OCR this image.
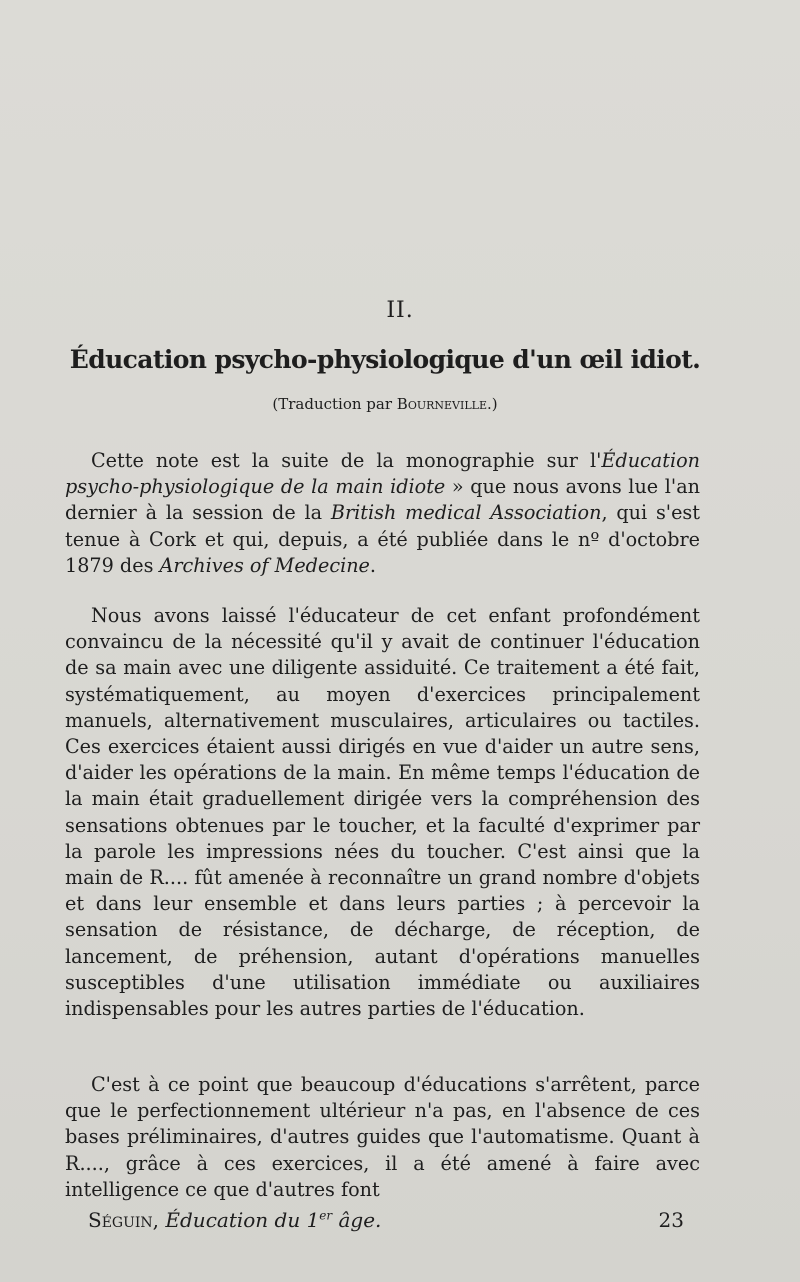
II.
Éducation psycho-physiologique d'un œil idiot.
(Traduction par Bourneville.)

Cette note est la suite de la monographie sur l'Éducation psycho-physiologique de la main idiote » que nous avons lue l'an dernier à la session de la British medical Association, qui s'est tenue à Cork et qui, depuis, a été publiée dans le nº d'octobre 1879 des Archives of Medecine.

Nous avons laissé l'éducateur de cet enfant profondément convaincu de la nécessité qu'il y avait de continuer l'éducation de sa main avec une diligente assiduité. Ce traitement a été fait, systématiquement, au moyen d'exercices principalement manuels, alternativement musculaires, articulaires ou tactiles. Ces exercices étaient aussi dirigés en vue d'aider un autre sens, d'aider les opérations de la main. En même temps l'éducation de la main était graduellement dirigée vers la compréhension des sensations obtenues par le toucher, et la faculté d'exprimer par la parole les impressions nées du toucher. C'est ainsi que la main de R.... fût amenée à reconnaître un grand nombre d'objets et dans leur ensemble et dans leurs parties ; à percevoir la sensation de résistance, de décharge, de réception, de lancement, de préhension, autant d'opérations manuelles susceptibles d'une utilisation immédiate ou auxiliaires indispensables pour les autres parties de l'éducation.

C'est à ce point que beaucoup d'éducations s'arrêtent, parce que le perfectionnement ultérieur n'a pas, en l'absence de ces bases préliminaires, d'autres guides que l'automatisme. Quant à R...., grâce à ces exercices, il a été amené à faire avec intelligence ce que d'autres font

Séguin, Éducation du 1er âge.	23
